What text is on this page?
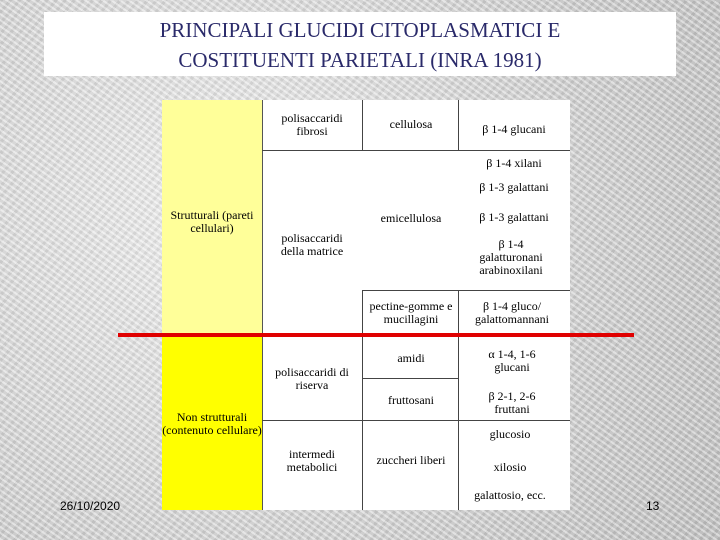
PRINCIPALI GLUCIDI CITOPLASMATICI E
COSTITUENTI PARIETALI (INRA 1981)
Strutturali (pareti cellulari)
Non strutturali (contenuto cellulare)
polisaccaridi fibrosi
polisaccaridi della matrice
polisaccaridi di riserva
intermedi metabolici
cellulosa
emicellulosa
pectine-gomme e mucillagini
amidi
fruttosani
zuccheri liberi
β 1-4 glucani
β 1-4 xilani
β 1-3 galattani
β 1-3 galattani
β 1-4 galatturonani arabinoxilani
β 1-4 gluco/ galattomannani
α 1-4, 1-6 glucani
β 2-1, 2-6 fruttani
glucosio
xilosio
galattosio, ecc.
26/10/2020	13
